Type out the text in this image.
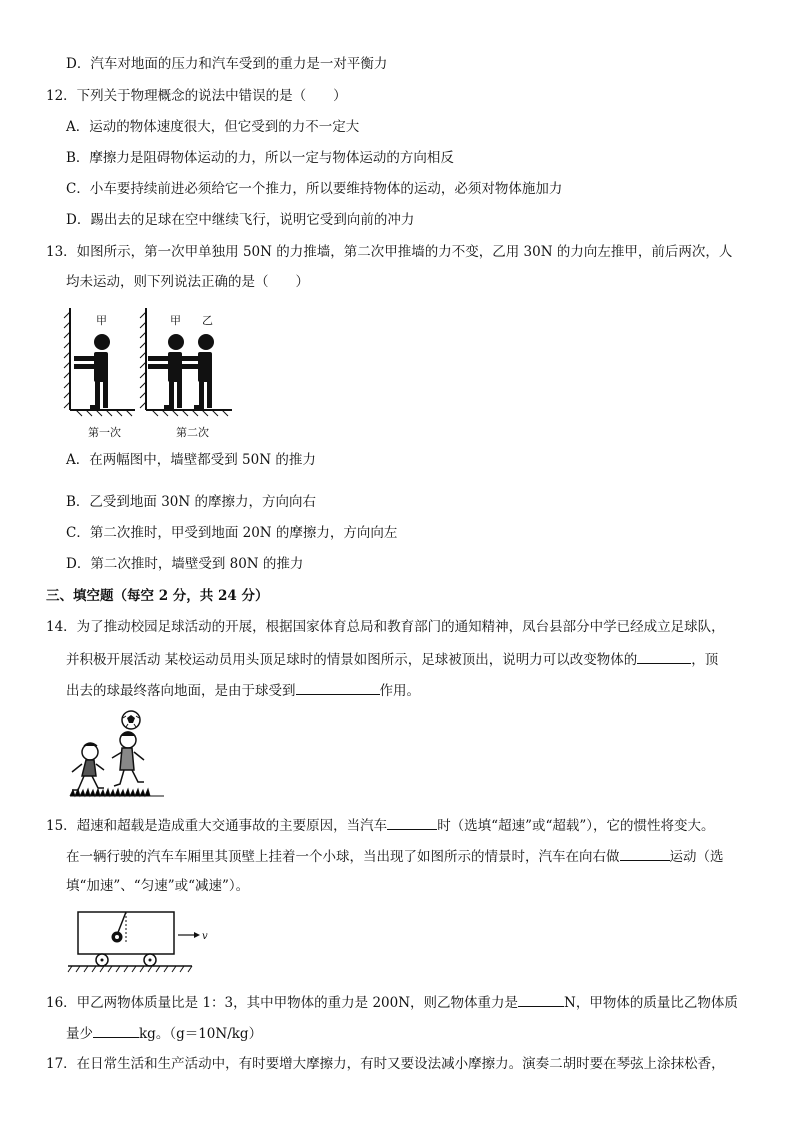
D．汽车对地面的压力和汽车受到的重力是一对平衡力
12．下列关于物理概念的说法中错误的是（　　）
A．运动的物体速度很大，但它受到的力不一定大
B．摩擦力是阻碍物体运动的力，所以一定与物体运动的方向相反
C．小车要持续前进必须给它一个推力，所以要维持物体的运动，必须对物体施加力
D．踢出去的足球在空中继续飞行，说明它受到向前的冲力
13．如图所示，第一次甲单独用 50N 的力推墙，第二次甲推墙的力不变，乙用 30N 的力向左推甲，前后两次，人
均未运动，则下列说法正确的是（　　）
甲	甲 乙
第一次	第二次
A．在两幅图中，墙壁都受到 50N 的推力
B．乙受到地面 30N 的摩擦力，方向向右
C．第二次推时，甲受到地面 20N 的摩擦力，方向向左
D．第二次推时，墙壁受到 80N 的推力
三、填空题（每空 2 分，共 24 分）
14．为了推动校园足球活动的开展，根据国家体育总局和教育部门的通知精神，凤台县部分中学已经成立足球队，
并积极开展活动 某校运动员用头顶足球时的情景如图所示，足球被顶出，说明力可以改变物体的	，顶
出去的球最终落向地面，是由于球受到	作用。
15．超速和超载是造成重大交通事故的主要原因，当汽车	时（选填“超速”或“超载”），它的惯性将变大。
在一辆行驶的汽车车厢里其顶壁上挂着一个小球，当出现了如图所示的情景时，汽车在向右做	运动（选
填“加速”、“匀速”或“减速”）。
v
16．甲乙两物体质量比是 1：3，其中甲物体的重力是 200N，则乙物体重力是	N，甲物体的质量比乙物体质
量少	kg。（g＝10N/kg）
17．在日常生活和生产活动中，有时要增大摩擦力，有时又要设法减小摩擦力。演奏二胡时要在琴弦上涂抹松香，
